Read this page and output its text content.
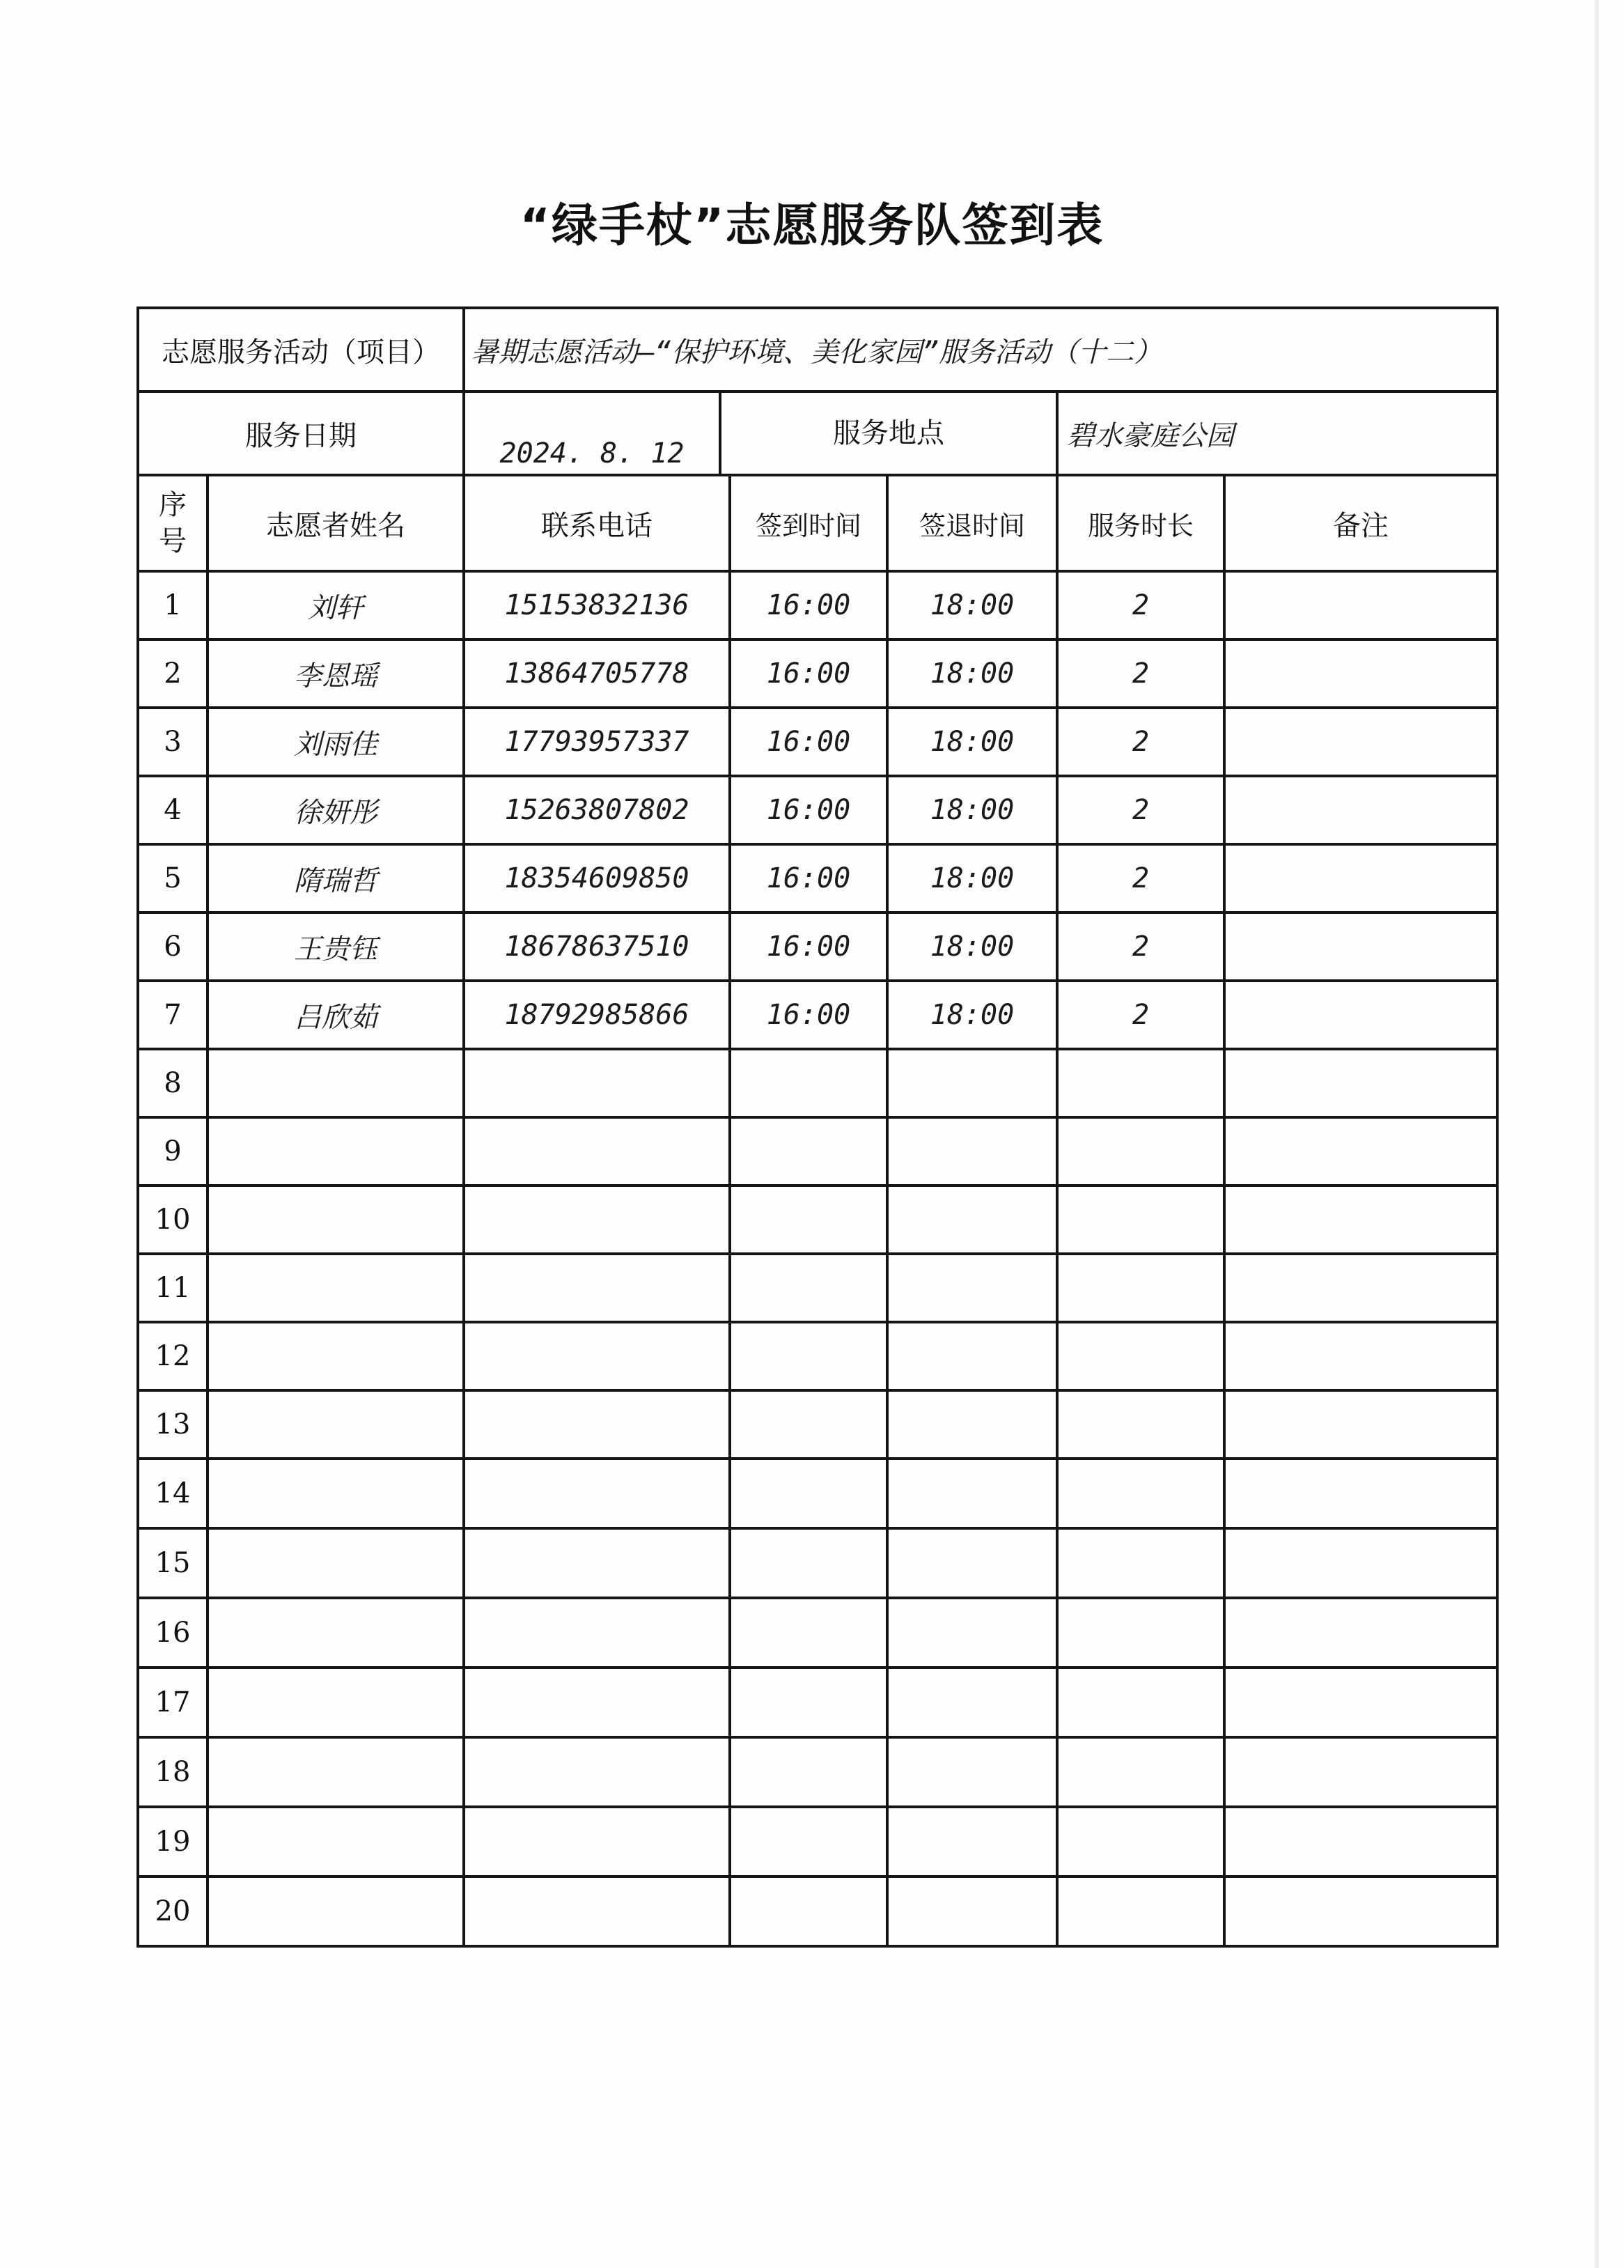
“绿手杖”志愿服务队签到表
志愿服务活动（项目）		暑期志愿活动—“保护环境、美化家园”服务活动（十二）					
服务日期		2024. 8. 12	服务地点			碧水豪庭公园	

序
号	志愿者姓名	联系电话		签到时间	签退时间	服务时长	备注
1	刘轩	15153832136		16:00	18:00	2	
2	李恩瑶	13864705778		16:00	18:00	2	
3	刘雨佳	17793957337		16:00	18:00	2	
4	徐妍彤	15263807802		16:00	18:00	2	
5	隋瑞哲	18354609850		16:00	18:00	2	
6	王贵钰	18678637510		16:00	18:00	2	
7	吕欣茹	18792985866		16:00	18:00	2	
8							
9							
10							
11							
12							
13							
14							
15							
16							
17							
18							
19							
20							
